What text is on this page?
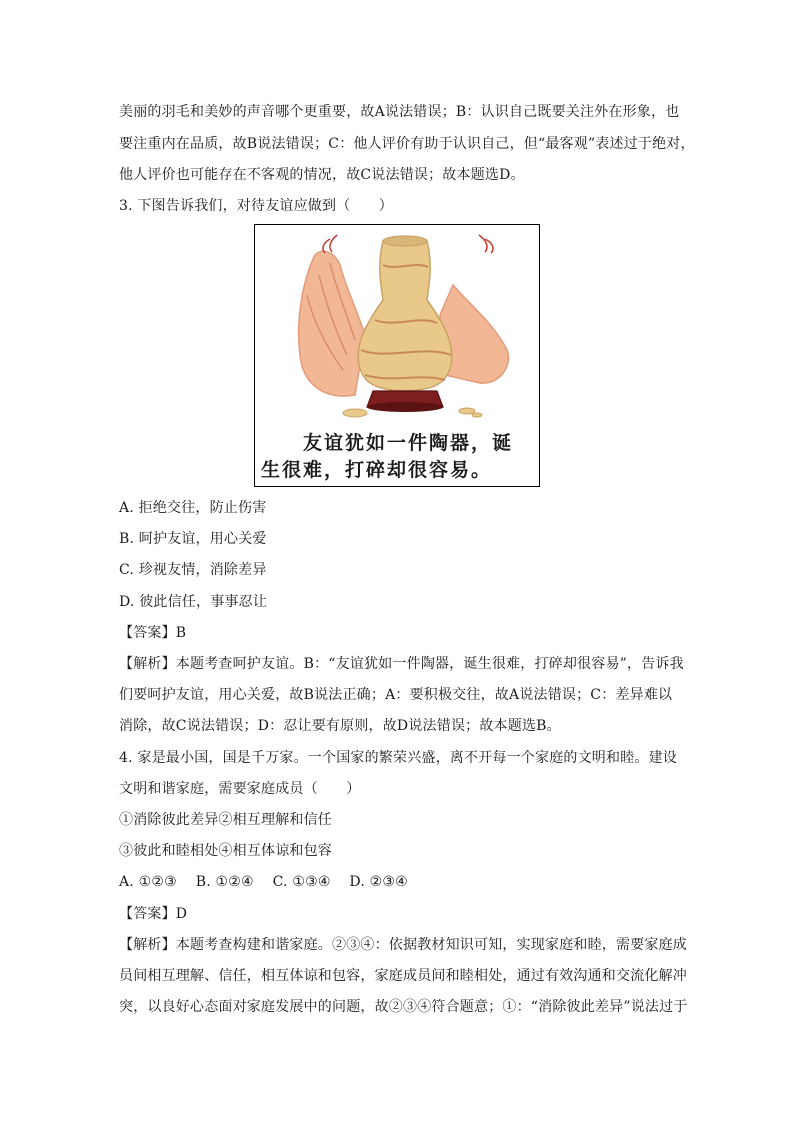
美丽的羽毛和美妙的声音哪个更重要，故A说法错误；B：认识自己既要关注外在形象，也
要注重内在品质，故B说法错误；C：他人评价有助于认识自己，但“最客观”表述过于绝对，
他人评价也可能存在不客观的情况，故C说法错误；故本题选D。
3. 下图告诉我们，对待友谊应做到（　　）
友谊犹如一件陶器，诞
生很难，打碎却很容易。
A. 拒绝交往，防止伤害
B. 呵护友谊，用心关爱
C. 珍视友情，消除差异
D. 彼此信任，事事忍让
【答案】B
【解析】本题考查呵护友谊。B：“友谊犹如一件陶器，诞生很难，打碎却很容易”，告诉我
们要呵护友谊，用心关爱，故B说法正确；A：要积极交往，故A说法错误；C：差异难以
消除，故C说法错误；D：忍让要有原则，故D说法错误；故本题选B。
4. 家是最小国，国是千万家。一个国家的繁荣兴盛，离不开每一个家庭的文明和睦。建设
文明和谐家庭，需要家庭成员（　　）
①消除彼此差异②相互理解和信任
③彼此和睦相处④相互体谅和包容
A. ①②③　 B. ①②④　 C. ①③④　 D. ②③④
【答案】D
【解析】本题考查构建和谐家庭。②③④：依据教材知识可知，实现家庭和睦，需要家庭成
员间相互理解、信任，相互体谅和包容，家庭成员间和睦相处，通过有效沟通和交流化解冲
突，以良好心态面对家庭发展中的问题，故②③④符合题意；①：“消除彼此差异”说法过于
